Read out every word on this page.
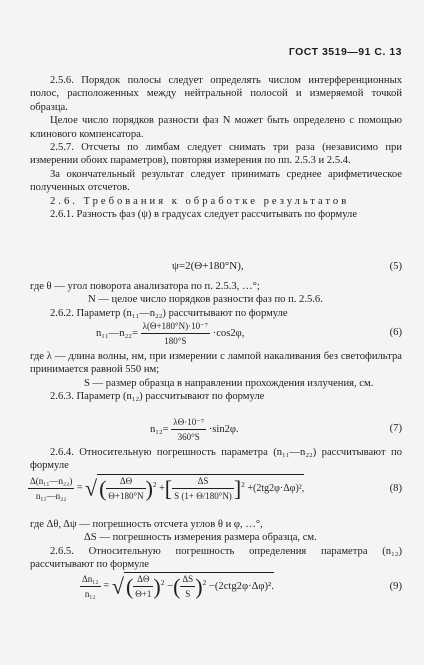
ГОСТ 3519—91 С. 13

2.5.6. Порядок полосы следует определять числом интерференционных полос, расположенных между нейтральной полосой и измеряемой точкой образца.

Целое число порядков разности фаз N может быть определено с помощью клинового компенсатора.

2.5.7. Отсчеты по лимбам следует снимать три раза (независимо при измерении обоих параметров), повторяя измерения по пп. 2.5.3 и 2.5.4.

За окончательный результат следует принимать среднее арифметическое полученных отсчетов.

2.6. Требования к обработке результатов

2.6.1. Разность фаз (ψ) в градусах следует рассчитывать по формуле

ψ=2(Θ+180°N),	(5)

где θ — угол поворота анализатора по п. 2.5.3, …°;

N — целое число порядков разности фаз по п. 2.5.6.

2.6.2. Параметр (n₁₁—n₂₂) рассчитывают по формуле

n₁₁—n₂₂= $\frac{\text{λ(Θ+180°N)·10⁻⁷}}{180^\circ S} \cdot\cos 2\varphi$,	(6)

где λ — длина волны, нм, при измерении с лампой накаливания без светофильтра принимается равной 550 нм;

S — размер образца в направлении прохождения излучения, см.

2.6.3. Параметр (n₁₂) рассчитывают по формуле

$n_{12}= \frac{\text{λΘ·10⁻⁷}}{360^\circ S} \cdot\sin 2\varphi$.	(7)

2.6.4. Относительную погрешность параметра (n₁₁—n₂₂) рассчитывают по формуле

$\frac{\text{Δ(n₁₁—n₂₂)}}{\text{n₁₁—n₂₂}}$ = √( $\frac{\Delta\Theta}{\Theta+180^\circ N} )^2$ +[ $\frac{\Delta S}{S (1+ \Theta/180^\circ N)} ]^2 +(2tg2\varphi\cdot\Delta\varphi)^2$,	(8)

где Δθ, Δψ — погрешность отсчета углов θ и φ, …°,

ΔS — погрешность измерения размера образца, см.

2.6.5. Относительную погрешность определения параметра (n₁₂) рассчитывают по формуле

$\frac{\text{Δn₁₂}}{\text{n₁₂}}$ = √( $\frac{\Delta\Theta}{\Theta+1} )^2$ −( $\frac{\Delta S}{S} )^2 -(2ctg2\varphi\cdot\Delta\varphi)^2$.	(9)
